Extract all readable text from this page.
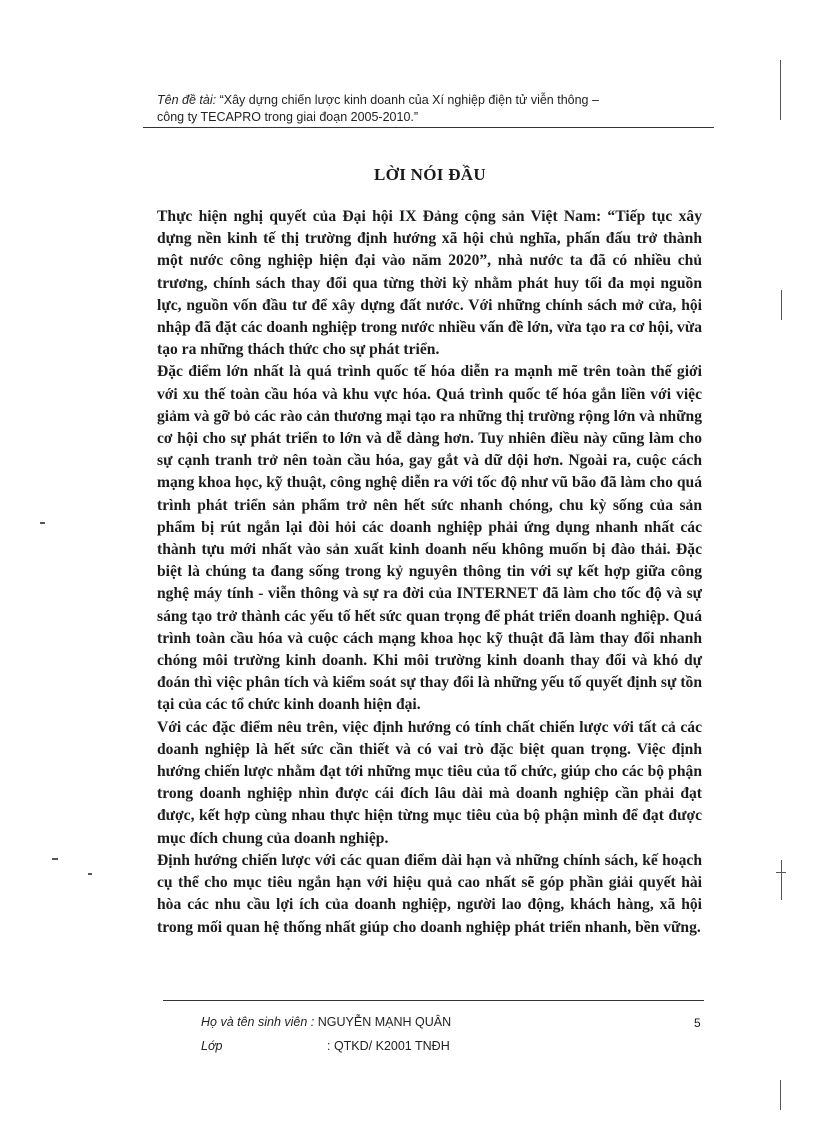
Tên đề tài: “Xây dựng chiến lược kinh doanh của Xí nghiệp điện tử viễn thông –
công ty TECAPRO trong giai đoạn 2005-2010.”
LỜI NÓI ĐẦU

Thực hiện nghị quyết của Đại hội IX Đảng cộng sản Việt Nam: “Tiếp tục xây dựng nền kinh tế thị trường định hướng xã hội chủ nghĩa, phấn đấu trở thành một nước công nghiệp hiện đại vào năm 2020”, nhà nước ta đã có nhiều chủ trương, chính sách thay đổi qua từng thời kỳ nhằm phát huy tối đa mọi nguồn lực, nguồn vốn đầu tư để xây dựng đất nước. Với những chính sách mở cửa, hội nhập đã đặt các doanh nghiệp trong nước nhiều vấn đề lớn, vừa tạo ra cơ hội, vừa tạo ra những thách thức cho sự phát triển.

Đặc điểm lớn nhất là quá trình quốc tế hóa diễn ra mạnh mẽ trên toàn thế giới với xu thế toàn cầu hóa và khu vực hóa. Quá trình quốc tế hóa gắn liền với việc giảm và gỡ bỏ các rào cản thương mại tạo ra những thị trường rộng lớn và những cơ hội cho sự phát triển to lớn và dễ dàng hơn. Tuy nhiên điều này cũng làm cho sự cạnh tranh trở nên toàn cầu hóa, gay gắt và dữ dội hơn. Ngoài ra, cuộc cách mạng khoa học, kỹ thuật, công nghệ diễn ra với tốc độ như vũ bão đã làm cho quá trình phát triển sản phẩm trở nên hết sức nhanh chóng, chu kỳ sống của sản phẩm bị rút ngắn lại đòi hỏi các doanh nghiệp phải ứng dụng nhanh nhất các thành tựu mới nhất vào sản xuất kinh doanh nếu không muốn bị đào thải. Đặc biệt là chúng ta đang sống trong kỷ nguyên thông tin với sự kết hợp giữa công nghệ máy tính - viễn thông và sự ra đời của INTERNET đã làm cho tốc độ và sự sáng tạo trở thành các yếu tố hết sức quan trọng để phát triển doanh nghiệp. Quá trình toàn cầu hóa và cuộc cách mạng khoa học kỹ thuật đã làm thay đổi nhanh chóng môi trường kinh doanh. Khi môi trường kinh doanh thay đổi và khó dự đoán thì việc phân tích và kiểm soát sự thay đổi là những yếu tố quyết định sự tồn tại của các tổ chức kinh doanh hiện đại.

Với các đặc điểm nêu trên, việc định hướng có tính chất chiến lược với tất cả các doanh nghiệp là hết sức cần thiết và có vai trò đặc biệt quan trọng. Việc định hướng chiến lược nhằm đạt tới những mục tiêu của tổ chức, giúp cho các bộ phận trong doanh nghiệp nhìn được cái đích lâu dài mà doanh nghiệp cần phải đạt được, kết hợp cùng nhau thực hiện từng mục tiêu của bộ phận mình để đạt được mục đích chung của doanh nghiệp.

Định hướng chiến lược với các quan điểm dài hạn và những chính sách, kế hoạch cụ thể cho mục tiêu ngắn hạn với hiệu quả cao nhất sẽ góp phần giải quyết hài hòa các nhu cầu lợi ích của doanh nghiệp, người lao động, khách hàng, xã hội trong mối quan hệ thống nhất giúp cho doanh nghiệp phát triển nhanh, bền vững.

Họ và tên sinh viên : NGUYỄN MẠNH QUÂN
Lớp	: QTKD/ K2001 TNĐH
5
